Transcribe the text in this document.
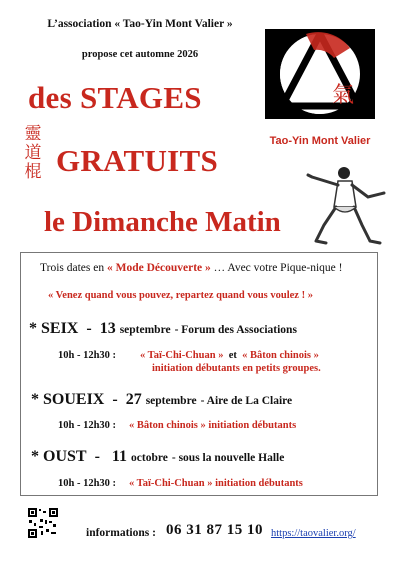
L’association « Tao-Yin Mont Valier »
propose cet automne 2026
des STAGES
靈
道
棍 GRATUITS
le Dimanche Matin
氣
Tao-Yin Mont Valier
Trois dates en « Mode Découverte » … Avec votre Pique-nique !
« Venez quand vous pouvez, repartez quand vous voulez ! »
* SEIX - 13 septembre - Forum des Associations
10h - 12h30 : « Taï-Chi-Chuan » et « Bâton chinois »
initiation débutants en petits groupes.
* SOUEIX - 27 septembre - Aire de La Claire
10h - 12h30 : « Bâton chinois » initiation débutants
* OUST - 11 octobre - sous la nouvelle Halle
10h - 12h30 : « Taï-Chi-Chuan » initiation débutants
informations : 06 31 87 15 10 https://taovalier.org/
